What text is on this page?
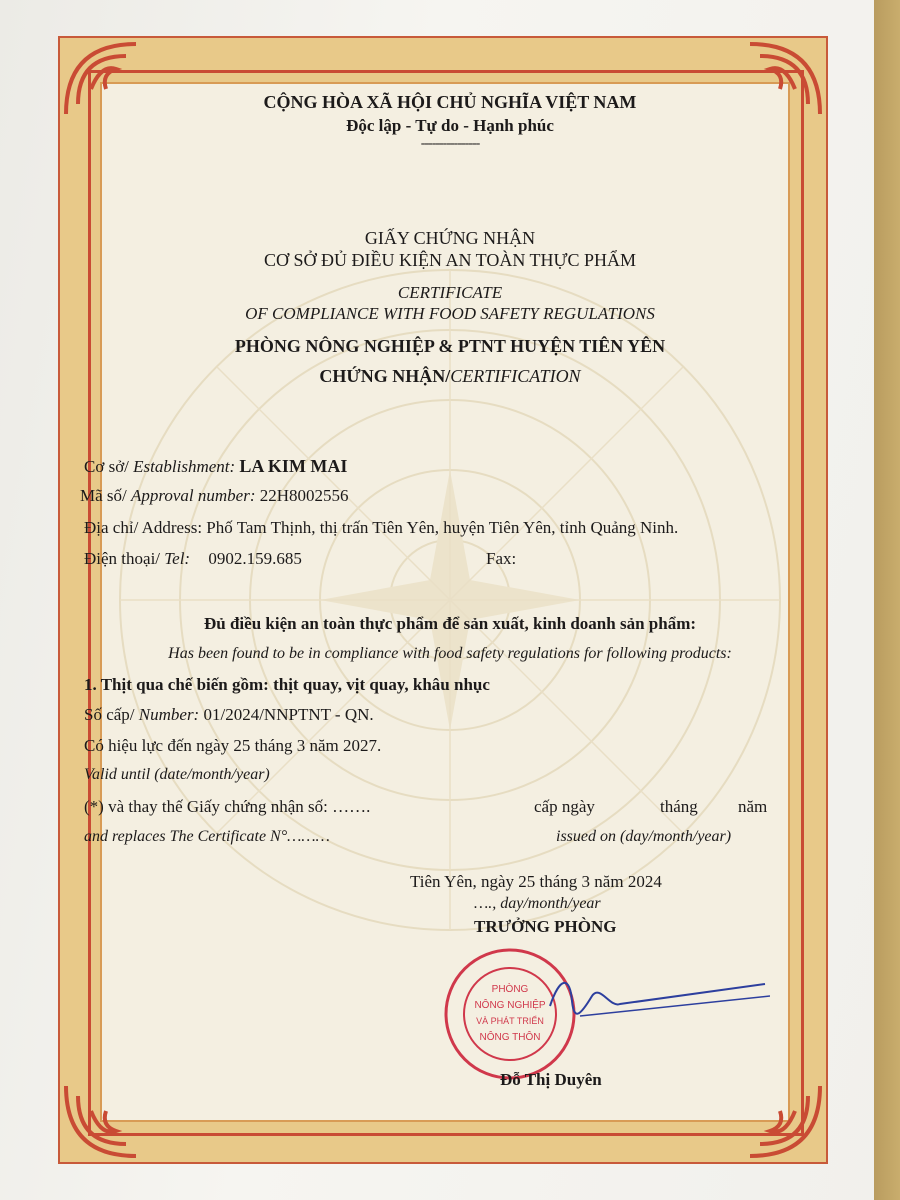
CỘNG HÒA XÃ HỘI CHỦ NGHĨA VIỆT NAM
Độc lập - Tự do - Hạnh phúc
----------------
GIẤY CHỨNG NHẬN
CƠ SỞ ĐỦ ĐIỀU KIỆN AN TOÀN THỰC PHẨM
CERTIFICATE
OF COMPLIANCE WITH FOOD SAFETY REGULATIONS
PHÒNG NÔNG NGHIỆP & PTNT HUYỆN TIÊN YÊN
CHỨNG NHẬN/CERTIFICATION
Cơ sở/ Establishment: LA KIM MAI
Mã số/ Approval number: 22H8002556
Địa chỉ/ Address: Phố Tam Thịnh, thị trấn Tiên Yên, huyện Tiên Yên, tỉnh Quảng Ninh.
Điện thoại/ Tel: 0902.159.685	Fax:
Đủ điều kiện an toàn thực phẩm để sản xuất, kinh doanh sản phẩm:
Has been found to be in compliance with food safety regulations for following products:
1. Thịt qua chế biến gồm: thịt quay, vịt quay, khâu nhục
Số cấp/ Number: 01/2024/NNPTNT - QN.
Có hiệu lực đến ngày 25 tháng 3 năm 2027.
Valid until (date/month/year)
(*) và thay thế Giấy chứng nhận số: …….	cấp ngày	tháng năm
and replaces The Certificate N°………	issued on (day/month/year)
Tiên Yên, ngày 25 tháng 3 năm 2024
…., day/month/year
TRƯỞNG PHÒNG
PHÒNG
NÔNG NGHIỆP
VÀ PHÁT TRIỂN
NÔNG THÔN
Đỗ Thị Duyên
